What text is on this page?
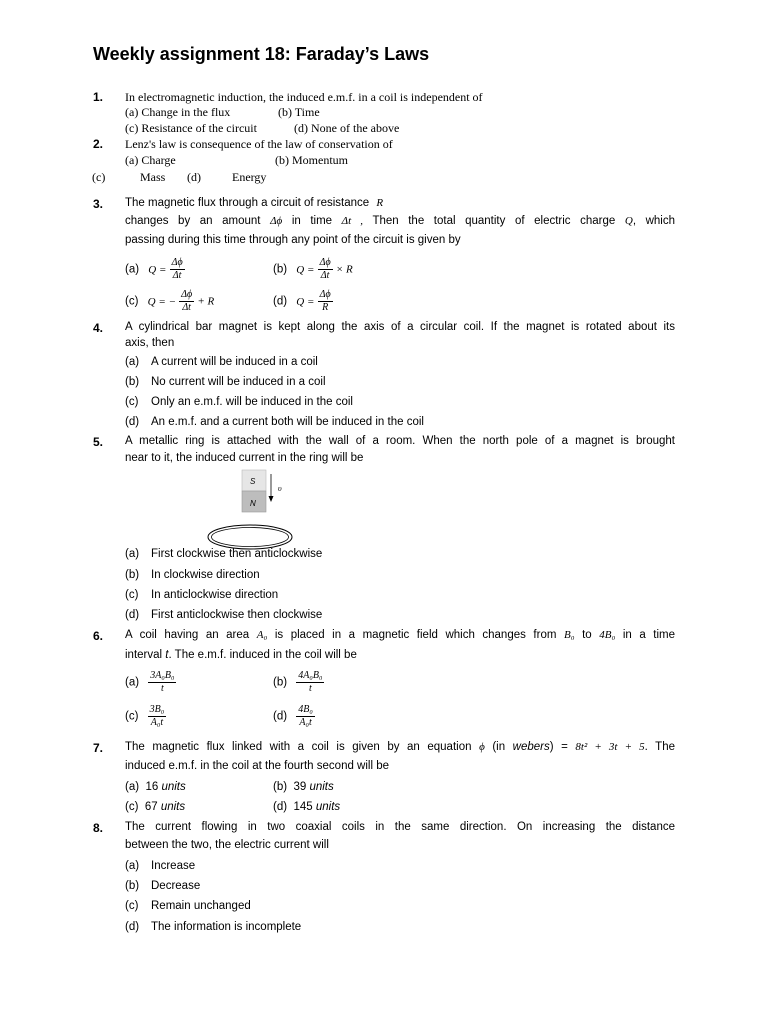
Weekly assignment 18: Faraday’s Laws
1. In electromagnetic induction, the induced e.m.f. in a coil is independent of
(a) Change in the flux	(b) Time
(c) Resistance of the circuit	(d) None of the above
2. Lenz's law is consequence of the law of conservation of
(a) Charge	(b) Momentum
(c)	Mass (d)	Energy
3. The magnetic flux through a circuit of resistance R
changes by an amount Δϕ in time Δt , Then the total quantity of electric charge Q, which
passing during this time through any point of the circuit is given by
(a) $Q = \frac{\Delta\phi}{\Delta t}$	(b) $Q = \frac{\Delta\phi}{\Delta t} \times R$
(c) Q = − $\frac{\Delta\phi}{\Delta t} + R$	(d) $Q = \frac{\Delta\phi}{R}$
4. A cylindrical bar magnet is kept along the axis of a circular coil. If the magnet is rotated about its
axis, then
(a) A current will be induced in a coil
(b) No current will be induced in a coil
(c) Only an e.m.f. will be induced in the coil
(d) An e.m.f. and a current both will be induced in the coil
5. A metallic ring is attached with the wall of a room. When the north pole of a magnet is brought
near to it, the induced current in the ring will be
S
N
υ
(a) First clockwise then anticlockwise
(b) In clockwise direction
(c) In anticlockwise direction
(d) First anticlockwise then clockwise
6. A coil having an area A₀ is placed in a magnetic field which changes from B₀ to 4B₀ in a time
interval t. The e.m.f. induced in the coil will be
$(a) \frac{\text{3A₀B₀}}{t}$	$(b) \frac{\text{4A₀B₀}}{t}$
$(c) \frac{\text{3B₀}}{\text{A₀t}}$	$(d) \frac{\text{4B₀}}{\text{A₀t}}$
7. The magnetic flux linked with a coil is given by an equation ϕ (in webers) = 8t² + 3t + 5. The
induced e.m.f. in the coil at the fourth second will be
(a) 16 units	(b) 39 units
(c) 67 units	(d) 145 units
8. The current flowing in two coaxial coils in the same direction. On increasing the distance
between the two, the electric current will
(a) Increase
(b) Decrease
(c) Remain unchanged
(d) The information is incomplete
